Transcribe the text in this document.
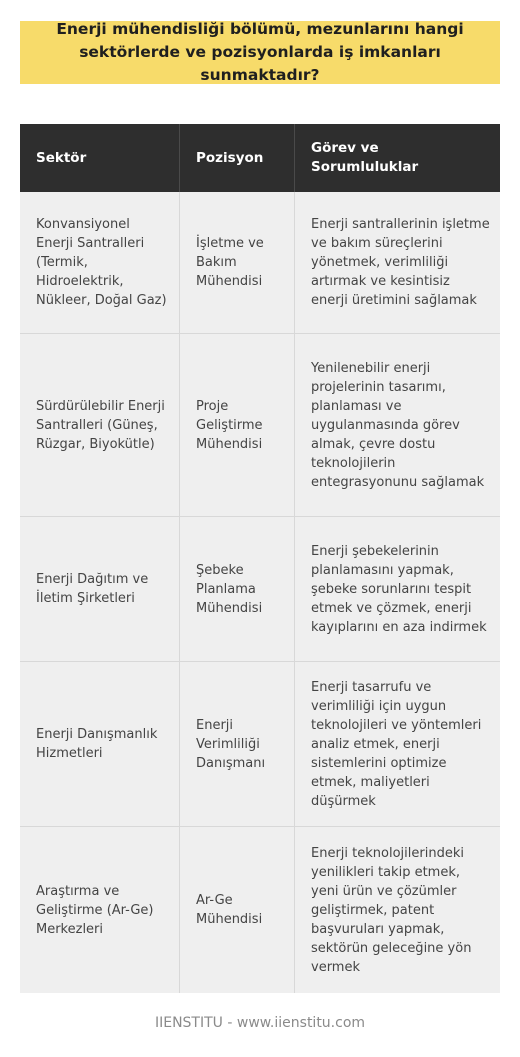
Enerji mühendisliği bölümü, mezunlarını hangi sektörlerde ve pozisyonlarda iş imkanları sunmaktadır?
Sektör	Pozisyon
Görev ve Sorumluluklar
Konvansiyonel Enerji Santralleri (Termik, Hidroelektrik, Nükleer, Doğal Gaz)
İşletme ve Bakım Mühendisi
Enerji santrallerinin işletme ve bakım süreçlerini yönetmek, verimliliği artırmak ve kesintisiz enerji üretimini sağlamak
Sürdürülebilir Enerji Santralleri (Güneş, Rüzgar, Biyokütle)
Proje Geliştirme Mühendisi
Yenilenebilir enerji projelerinin tasarımı, planlaması ve uygulanmasında görev almak, çevre dostu teknolojilerin entegrasyonunu sağlamak
Enerji Dağıtım ve İletim Şirketleri
Şebeke Planlama Mühendisi
Enerji şebekelerinin planlamasını yapmak, şebeke sorunlarını tespit etmek ve çözmek, enerji kayıplarını en aza indirmek
Enerji Danışmanlık Hizmetleri
Enerji Verimliliği Danışmanı
Enerji tasarrufu ve verimliliği için uygun teknolojileri ve yöntemleri analiz etmek, enerji sistemlerini optimize etmek, maliyetleri düşürmek
Araştırma ve Geliştirme (Ar-Ge) Merkezleri
Ar-Ge Mühendisi
Enerji teknolojilerindeki yenilikleri takip etmek, yeni ürün ve çözümler geliştirmek, patent başvuruları yapmak, sektörün geleceğine yön vermek
IIENSTITU - www.iienstitu.com
